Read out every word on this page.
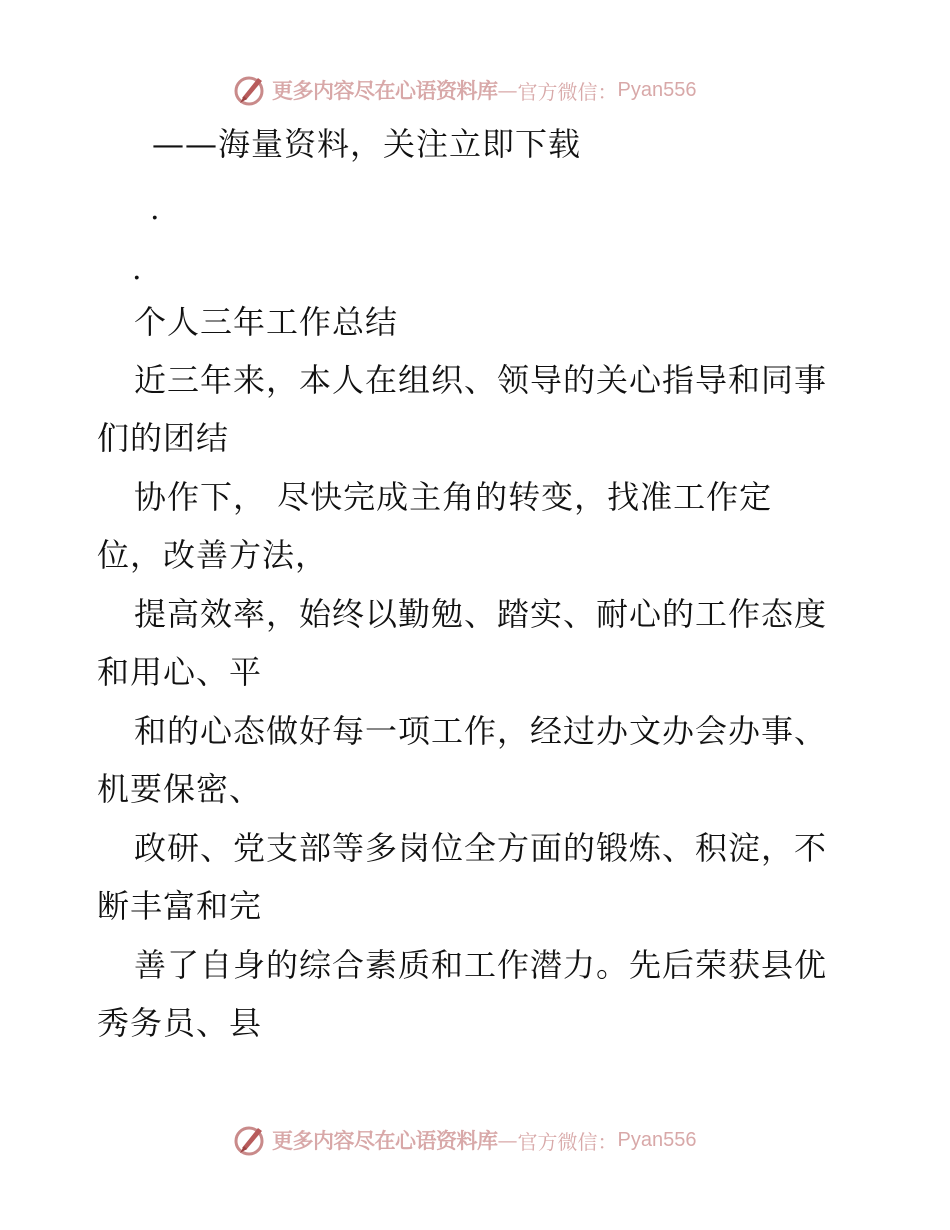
更多内容尽在心语资料库 — 官方微信： Pyan556
——海量资料，关注立即下载
.
.
个人三年工作总结
近三年来，本人在组织、领导的关心指导和同事
们的团结
协作下， 尽快完成主角的转变，找准工作定
位，改善方法，
提高效率，始终以勤勉、踏实、耐心的工作态度
和用心、平
和的心态做好每一项工作，经过办文办会办事、
机要保密、
政研、党支部等多岗位全方面的锻炼、积淀，不
断丰富和完
善了自身的综合素质和工作潜力。先后荣获县优
秀务员、县
更多内容尽在心语资料库 — 官方微信： Pyan556
